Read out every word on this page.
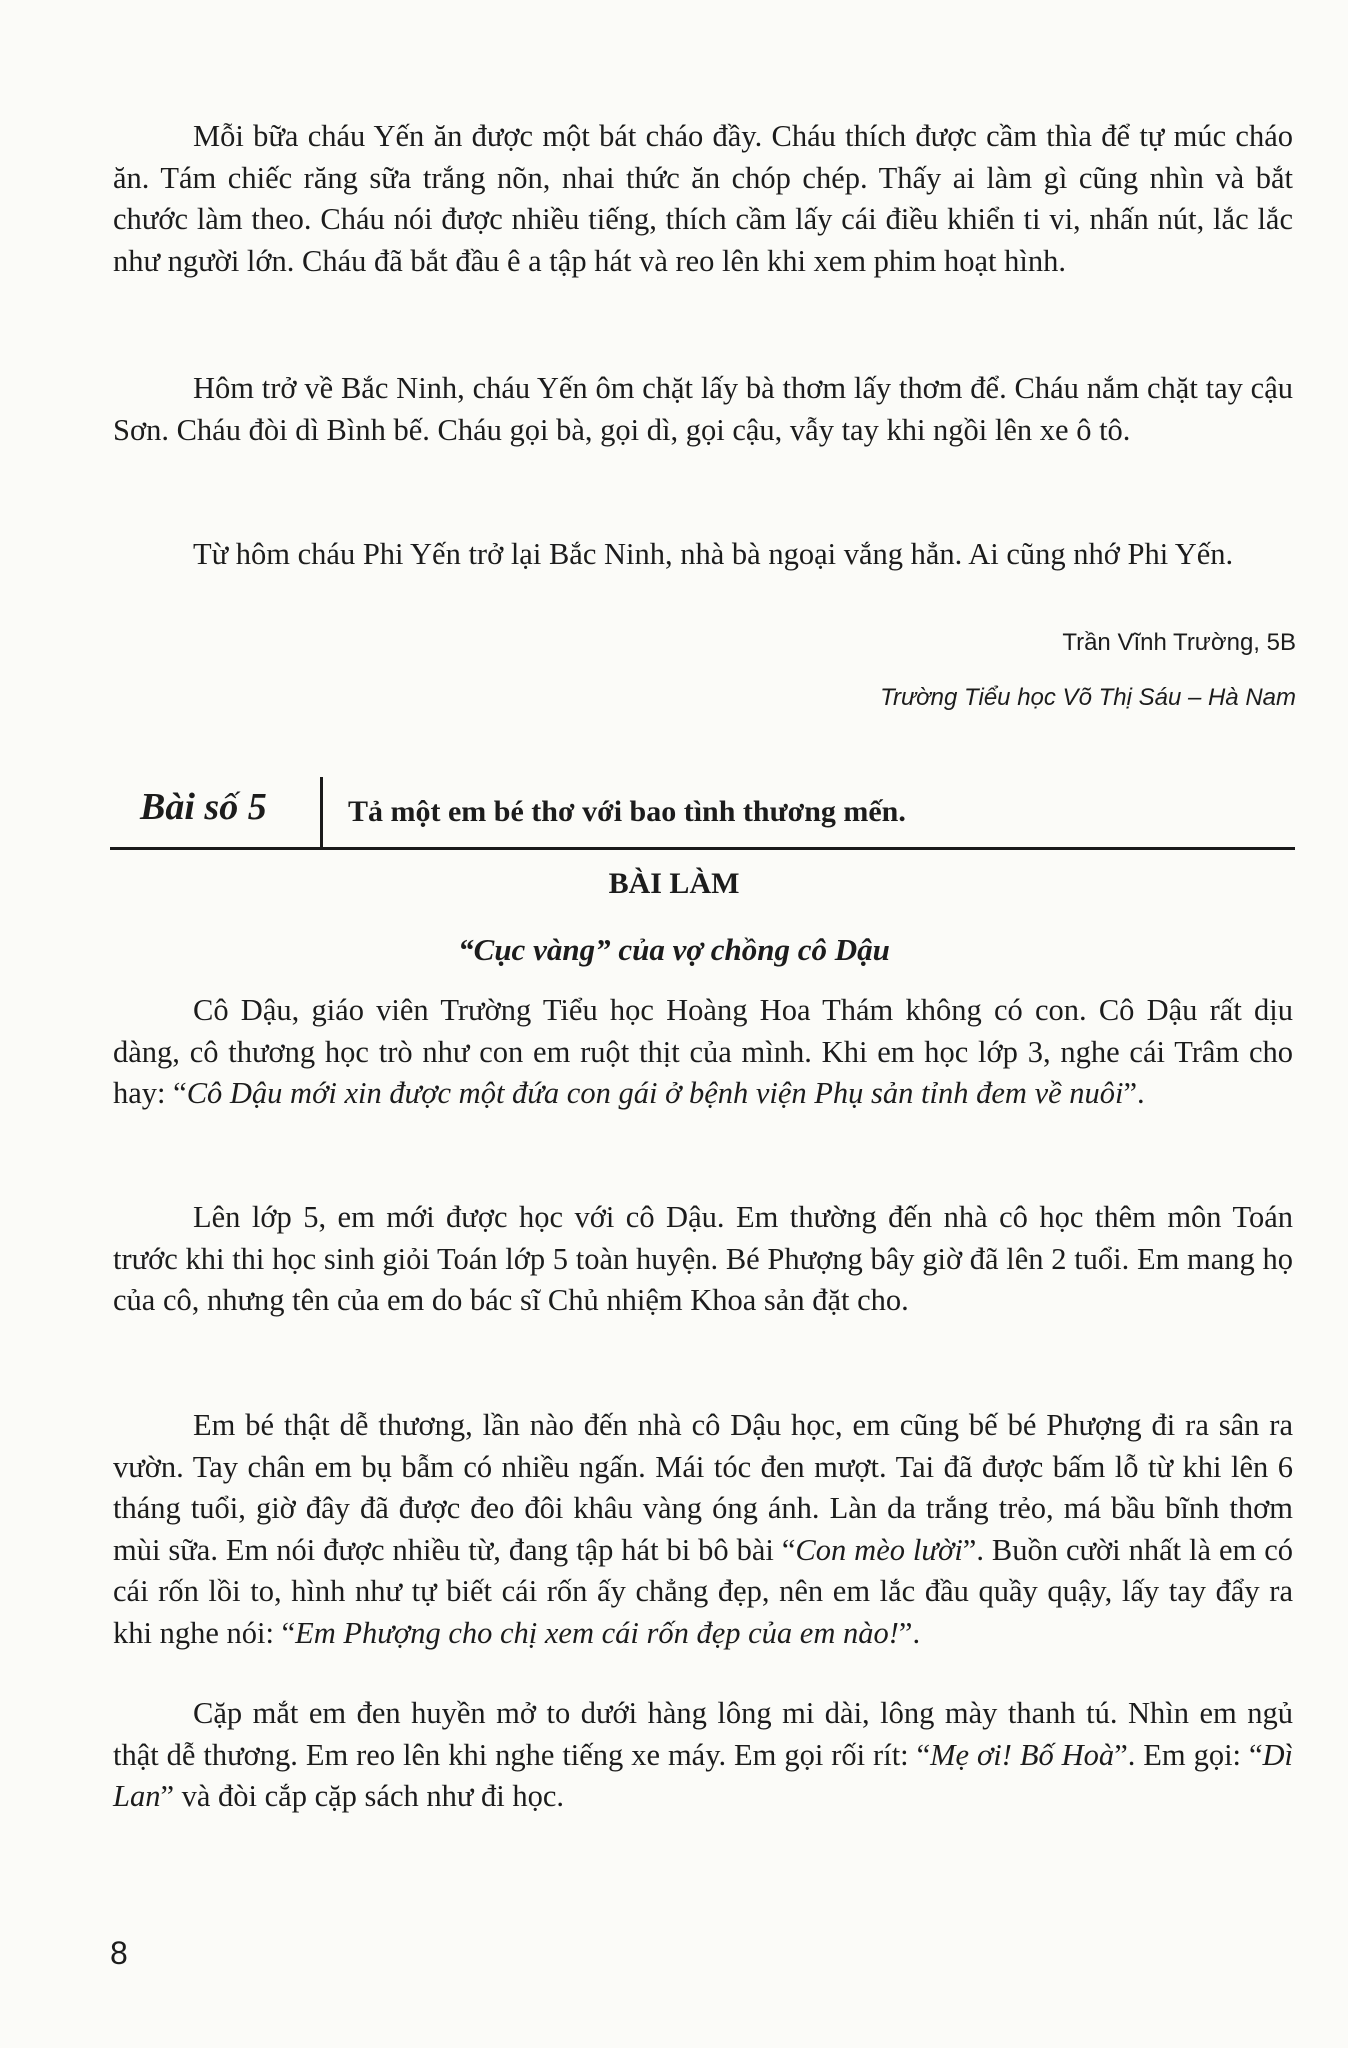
Mỗi bữa cháu Yến ăn được một bát cháo đầy. Cháu thích được cầm thìa để tự múc cháo ăn. Tám chiếc răng sữa trắng nõn, nhai thức ăn chóp chép. Thấy ai làm gì cũng nhìn và bắt chước làm theo. Cháu nói được nhiều tiếng, thích cầm lấy cái điều khiển ti vi, nhấn nút, lắc lắc như người lớn. Cháu đã bắt đầu ê a tập hát và reo lên khi xem phim hoạt hình.

Hôm trở về Bắc Ninh, cháu Yến ôm chặt lấy bà thơm lấy thơm để. Cháu nắm chặt tay cậu Sơn. Cháu đòi dì Bình bế. Cháu gọi bà, gọi dì, gọi cậu, vẫy tay khi ngồi lên xe ô tô.

Từ hôm cháu Phi Yến trở lại Bắc Ninh, nhà bà ngoại vắng hẳn. Ai cũng nhớ Phi Yến.

Trần Vĩnh Trường, 5B

Trường Tiểu học Võ Thị Sáu – Hà Nam

Bài số 5	Tả một em bé thơ với bao tình thương mến.

BÀI LÀM

“Cục vàng” của vợ chồng cô Dậu

Cô Dậu, giáo viên Trường Tiểu học Hoàng Hoa Thám không có con. Cô Dậu rất dịu dàng, cô thương học trò như con em ruột thịt của mình. Khi em học lớp 3, nghe cái Trâm cho hay: “Cô Dậu mới xin được một đứa con gái ở bệnh viện Phụ sản tỉnh đem về nuôi”.

Lên lớp 5, em mới được học với cô Dậu. Em thường đến nhà cô học thêm môn Toán trước khi thi học sinh giỏi Toán lớp 5 toàn huyện. Bé Phượng bây giờ đã lên 2 tuổi. Em mang họ của cô, nhưng tên của em do bác sĩ Chủ nhiệm Khoa sản đặt cho.

Em bé thật dễ thương, lần nào đến nhà cô Dậu học, em cũng bế bé Phượng đi ra sân ra vườn. Tay chân em bụ bẫm có nhiều ngấn. Mái tóc đen mượt. Tai đã được bấm lỗ từ khi lên 6 tháng tuổi, giờ đây đã được đeo đôi khâu vàng óng ánh. Làn da trắng trẻo, má bầu bĩnh thơm mùi sữa. Em nói được nhiều từ, đang tập hát bi bô bài “Con mèo lười”. Buồn cười nhất là em có cái rốn lồi to, hình như tự biết cái rốn ấy chẳng đẹp, nên em lắc đầu quầy quậy, lấy tay đẩy ra khi nghe nói: “Em Phượng cho chị xem cái rốn đẹp của em nào!”.

Cặp mắt em đen huyền mở to dưới hàng lông mi dài, lông mày thanh tú. Nhìn em ngủ thật dễ thương. Em reo lên khi nghe tiếng xe máy. Em gọi rối rít: “Mẹ ơi! Bố Hoà”. Em gọi: “Dì Lan” và đòi cắp cặp sách như đi học.

8
